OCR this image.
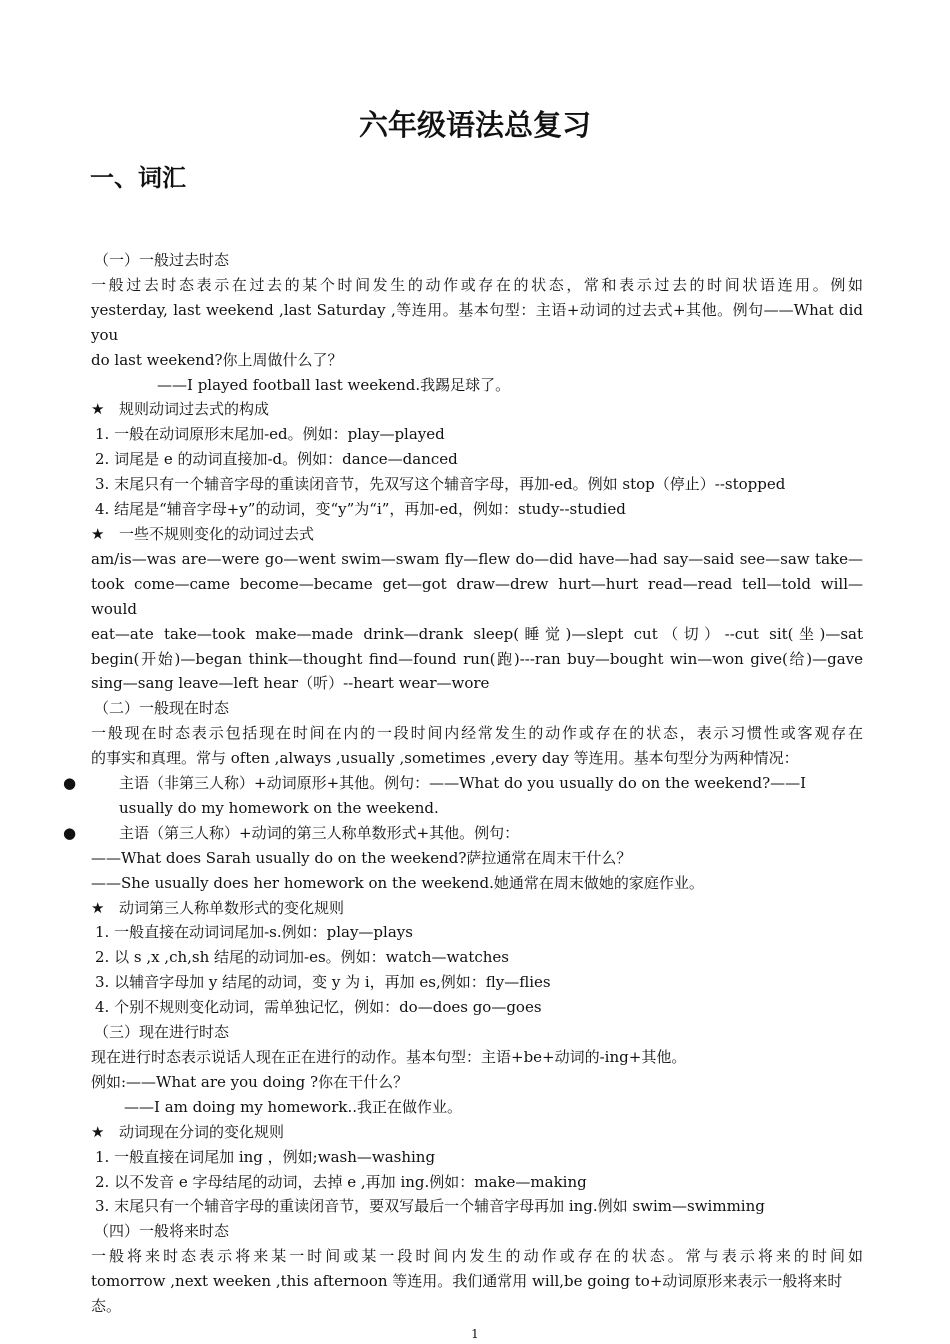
六年级语法总复习
一、词汇

（一）一般过去时态

一般过去时态表示在过去的某个时间发生的动作或存在的状态，常和表示过去的时间状语连用。例如

yesterday, last weekend ,last Saturday ,等连用。基本句型：主语+动词的过去式+其他。例句——What did you

do last weekend?你上周做什么了？

——I played football last weekend.我踢足球了。

★ 规则动词过去式的构成

1. 一般在动词原形末尾加-ed。例如：play—played

2. 词尾是 e 的动词直接加-d。例如：dance—danced

3. 末尾只有一个辅音字母的重读闭音节，先双写这个辅音字母，再加-ed。例如 stop（停止）--stopped

4. 结尾是“辅音字母+y”的动词，变“y”为“i”，再加-ed，例如：study--studied

★ 一些不规则变化的动词过去式

am/is—was are—were go—went swim—swam fly—flew do—did have—had say—said see—saw take—

took come—came become—became get—got draw—drew hurt—hurt read—read tell—told will—would

eat—ate take—took make—made drink—drank sleep(睡觉)—slept cut（切）--cut sit(坐)—sat

begin(开始)—began think—thought find—found run(跑)---ran buy—bought win—won give(给)—gave

sing—sang leave—left hear（听）--heart wear—wore

（二）一般现在时态

一般现在时态表示包括现在时间在内的一段时间内经常发生的动作或存在的状态，表示习惯性或客观存在

的事实和真理。常与 often ,always ,usually ,sometimes ,every day 等连用。基本句型分为两种情况：

●	主语（非第三人称）+动词原形+其他。例句：——What do you usually do on the weekend?——I usually do my homework on the weekend.

●	主语（第三人称）+动词的第三人称单数形式+其他。例句：

——What does Sarah usually do on the weekend?萨拉通常在周末干什么？

——She usually does her homework on the weekend.她通常在周末做她的家庭作业。

★ 动词第三人称单数形式的变化规则

1. 一般直接在动词词尾加-s.例如：play—plays

2. 以 s ,x ,ch,sh 结尾的动词加-es。例如：watch—watches

3. 以辅音字母加 y 结尾的动词，变 y 为 i，再加 es,例如：fly—flies

4. 个别不规则变化动词，需单独记忆，例如：do—does go—goes

（三）现在进行时态

现在进行时态表示说话人现在正在进行的动作。基本句型：主语+be+动词的-ing+其他。

例如:——What are you doing ?你在干什么？

——I am doing my homework..我正在做作业。

★ 动词现在分词的变化规则

1. 一般直接在词尾加 ing ，例如;wash—washing

2. 以不发音 e 字母结尾的动词，去掉 e ,再加 ing.例如：make—making

3. 末尾只有一个辅音字母的重读闭音节，要双写最后一个辅音字母再加 ing.例如 swim—swimming

（四）一般将来时态

一般将来时态表示将来某一时间或某一段时间内发生的动作或存在的状态。常与表示将来的时间如

tomorrow ,next weeken ,this afternoon 等连用。我们通常用 will,be going to+动词原形来表示一般将来时态。

1
